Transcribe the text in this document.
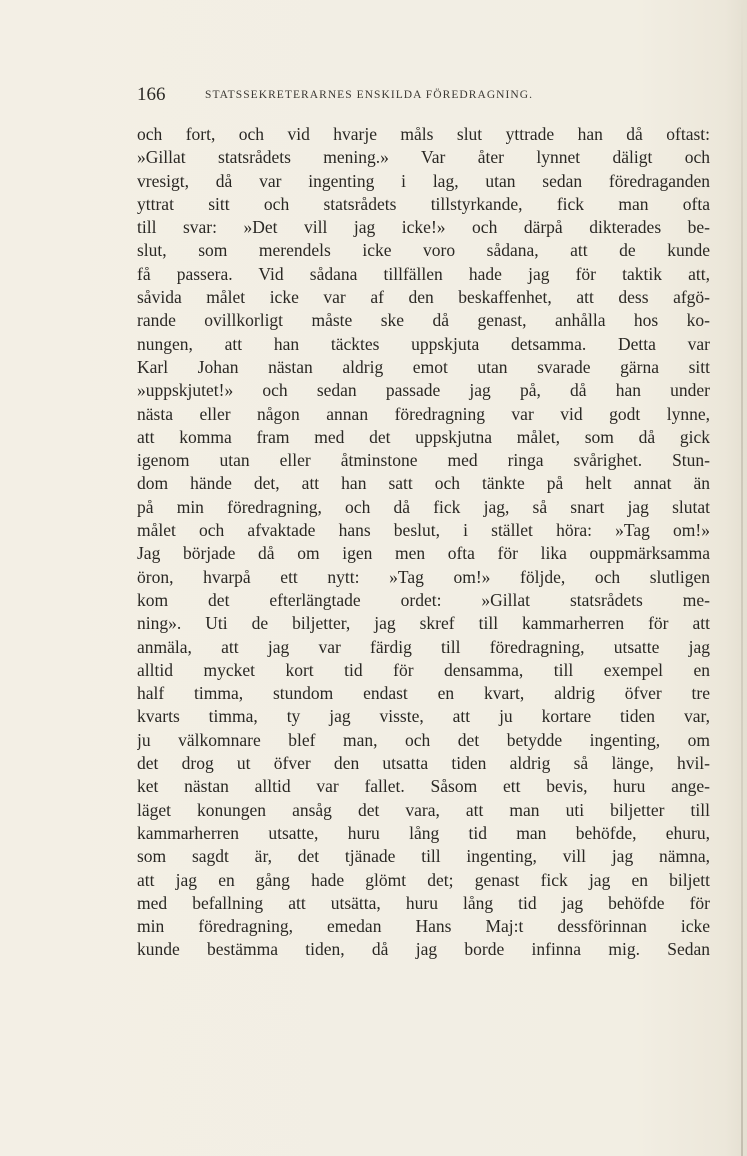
166	STATSSEKRETERARNES ENSKILDA FÖREDRAGNING.
och fort, och vid hvarje måls slut yttrade han då oftast:
»Gillat statsrådets mening.» Var åter lynnet däligt och
vresigt, då var ingenting i lag, utan sedan föredraganden
yttrat sitt och statsrådets tillstyrkande, fick man ofta
till svar: »Det vill jag icke!» och därpå dikterades be-
slut, som merendels icke voro sådana, att de kunde
få passera. Vid sådana tillfällen hade jag för taktik att,
såvida målet icke var af den beskaffenhet, att dess afgö-
rande ovillkorligt måste ske då genast, anhålla hos ko-
nungen, att han täcktes uppskjuta detsamma. Detta var
Karl Johan nästan aldrig emot utan svarade gärna sitt
»uppskjutet!» och sedan passade jag på, då han under
nästa eller någon annan föredragning var vid godt lynne,
att komma fram med det uppskjutna målet, som då gick
igenom utan eller åtminstone med ringa svårighet. Stun-
dom hände det, att han satt och tänkte på helt annat än
på min föredragning, och då fick jag, så snart jag slutat
målet och afvaktade hans beslut, i stället höra: »Tag om!»
Jag började då om igen men ofta för lika ouppmärksamma
öron, hvarpå ett nytt: »Tag om!» följde, och slutligen
kom det efterlängtade ordet: »Gillat statsrådets me-
ning». Uti de biljetter, jag skref till kammarherren för att
anmäla, att jag var färdig till föredragning, utsatte jag
alltid mycket kort tid för densamma, till exempel en
half timma, stundom endast en kvart, aldrig öfver tre
kvarts timma, ty jag visste, att ju kortare tiden var,
ju välkomnare blef man, och det betydde ingenting, om
det drog ut öfver den utsatta tiden aldrig så länge, hvil-
ket nästan alltid var fallet. Såsom ett bevis, huru ange-
läget konungen ansåg det vara, att man uti biljetter till
kammarherren utsatte, huru lång tid man behöfde, ehuru,
som sagdt är, det tjänade till ingenting, vill jag nämna,
att jag en gång hade glömt det; genast fick jag en biljett
med befallning att utsätta, huru lång tid jag behöfde för
min föredragning, emedan Hans Maj:t dessförinnan icke
kunde bestämma tiden, då jag borde infinna mig. Sedan
